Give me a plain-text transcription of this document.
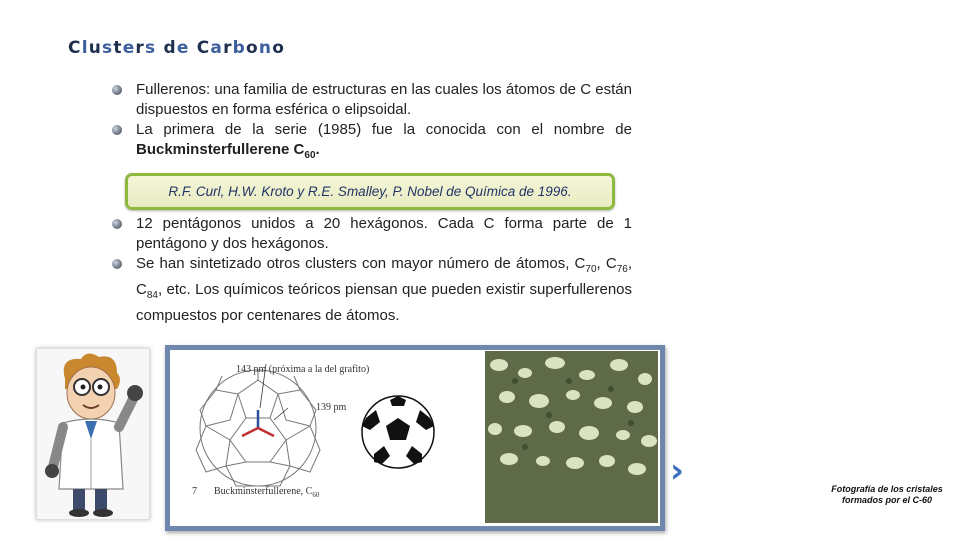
Clusters de Carbono
Fullerenos: una familia de estructuras en las cuales los átomos de C están dispuestos en forma esférica o elipsoidal.
La primera de la serie (1985) fue la conocida con el nombre de Buckminsterfullerene $C_{60}$.
R.F. Curl, H.W. Kroto y R.E. Smalley, P. Nobel de Química de 1996.
12 pentágonos unidos a 20 hexágonos. Cada C forma parte de 1 pentágono y dos hexágonos.
Se han sintetizado otros clusters con mayor número de átomos, $C_{70}$, $C_{76}$, $C_{84}$, etc. Los químicos teóricos piensan que pueden existir superfullerenos compuestos por centenares de átomos.
143 pm (próxima a la del grafito)
139 pm
7 Buckminsterfullerene, $C_{60}$
Fotografía de los cristales formados por el C-60
›
